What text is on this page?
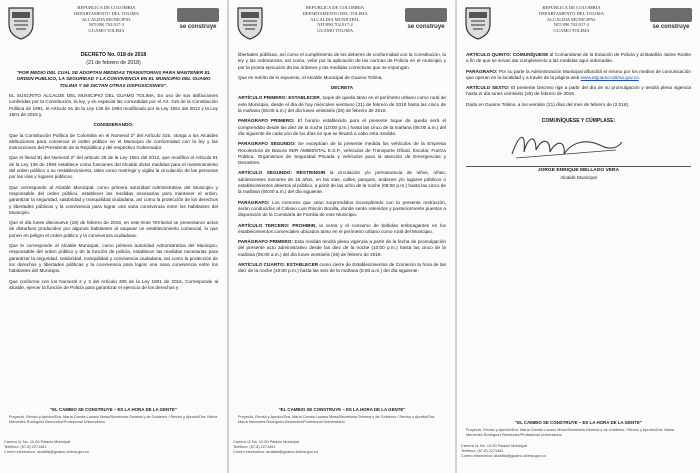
REPUBLICA DE COLOMBIA
DEPARTAMENTO DEL TOLIMA
ALCALDIA MUNICIPAL
NIT:890.702.017-2
GUAMO TOLIMA
se construye

DECRETO No. 018 de 2018

(21 de febrero de 2018)

"POR MEDIO DEL CUAL SE ADOPTAN MEDIDAS TRANSITORIAS PARA MANTENER EL ORDEN PUBLICO, LA SEGURIDAD Y LA CONVIVENCIA EN EL MUNICIPIO DEL GUAMO TOLIMA Y SE DICTAN OTRAS DISPOSICIONES".

EL SUSCRITO ALCALDE DEL MUNICIPIO DEL GUAMO TOLIMA, En uso de sus atribuciones conferidas por la Constitución, la ley, y en especial las concedidas por el Art. 315 de la Constitución Política de 1991, el Artículo 91 de la Ley 136 de 1994 modificado por la Ley 1551 del 2012 y la Ley 1801 de 2016 y,

CONSIDERANDO:

Que la Constitución Política de Colombia en el Numeral 2º del Artículo 315, otorga a los Alcaldes atribuciones para conservar el orden público en el Municipio de conformidad con la ley y las instrucciones del Presidente de la República y del respectivo Gobernador.

Que el literal B) del Numeral 2º del artículo 29 de la Ley 1551 del 2012, que modifica el Artículo 91 de la Ley 136 de 1994 establece como funciones del Alcalde dictar medidas para el mantenimiento del orden público o su restablecimiento, tales como restringir y vigilar la circulación de las personas por las vías y lugares públicos.

Que corresponde al Alcalde Municipal, como primera autoridad Administrativa del Municipio y responsable del orden público, establecer las medidas necesarias para mantener el orden, garantizar la seguridad, salubridad y tranquilidad ciudadana, así como la protección de los derechos y libertades públicas y la convivencia para lograr una sana convivencia entre los habitantes del Municipio.

Que el día lunes diecinueve (19) de febrero de 2018, en este Ente Territorial se presentaron actos de disturbios producidos por algunos habitantes al saquear un establecimiento comercial, lo que ponen en peligro el orden público y la convivencia ciudadana.

Que le corresponde al Alcalde Municipal, como primera autoridad Administrativa del Municipio, responsable del orden público y de la función de policía, establecer las medidas necesarias para garantizar la seguridad, salubridad, tranquilidad y convivencia ciudadana, así como la protección de los derechos y libertades públicas y la convivencia para lograr una sana convivencia entre los habitantes del Municipio.

Que conforme con los Numeral 2 y 3 del Artículo 205 de la Ley 1801 de 2016, Corresponde al alcalde, ejercer la función de Policía para garantizar el ejercicio de los derechos y

"EL CAMBIO SE CONSTRUYE – ES LA HORA DE LA GENTE"
Proyectó, Revisó y Aprobó/Dra. María Camila Lozano Mesa/Secretaria General y de Gobierno / Revisó y Aprobó/Dra. María Mercedes Rodríguez Bermúdez/Profesional Universitario
Carrera 11 No. 10-50 Palacio Municipal
Teléfono: (57-8) 2271461
Correo electrónico: alcaldia@guamo-tolima.gov.co
REPUBLICA DE COLOMBIA
DEPARTAMENTO DEL TOLIMA
ALCALDIA MUNICIPAL
NIT:890.702.017-2
GUAMO TOLIMA
se construye

libertades públicas, así como el cumplimiento de los deberes de conformidad con la Constitución, la ley y las ordenanzas, así como, velar por la aplicación de las normas de Policía en el municipio y por la pronta ejecución de las órdenes y las medidas correctivas que se impongan.

Que en mérito de lo expuesto, el Alcalde Municipal de Guamo Tolima,

DECRETA

ARTÍCULO PRIMERO: ESTABLECER, toque de queda tanto en el perímetro urbano como rural de este Municipio, desde el día de hoy miércoles veintiuno (21) de febrero de 2018 hasta las cinco de la mañana (05:00 a.m.) del día lunes veintiséis (26) de febrero de 2018.

PARÁGRAFO PRIMERO: El horario establecido para el presente toque de queda será el comprendido desde las diez de la noche (10:00 p.m.) hasta las cinco de la mañana (05:00 a.m.) del día siguiente de cada uno de los días en que se llevará a cabo esta medida.

PARÁGRAFO SEGUNDO: Se exceptúan de la presente medida los vehículos de la Empresa Recolectora de Basura SER AMBIENTAL E.S.P., vehículos de Transporte Oficial, Escolar, Fuerza Pública, Organismos de Seguridad Privada y vehículos para la atención de Emergencias y Desastres.

ARTÍCULO SEGUNDO: RESTRINGIR la circulación y/o permanencia de niños, niñas, adolescentes menores de 18 años, en las vías, calles, parques, andenes y/o lugares públicos o establecimientos abiertos al público, a partir de las ocho de la noche (08:00 p.m.) hasta las cinco de la mañana (05:00 a.m.) del día siguiente.

PARÁGRAFO: Los menores que sean sorprendidos incumpliendo con la presente restricción, serán conducidos al Coliseo Luis Rincón Bonilla, donde serán retenidos y posteriormente puestos a disposición de la Comisaría de Familia de este Municipio.

ARTÍCULO TERCERO: PROHIBIR, la venta y el consumo de bebidas embriagantes en los establecimientos comerciales ubicados tanto en el perímetro urbano como rural del Municipio.

PARÁGRAFO PRIMERO: Esta medida tendrá plena vigencia a partir de la fecha de promulgación del presente acto administrativo desde las diez de la noche (10:00 p.m.) hasta las cinco de la mañana (05:00 a.m.) del día lunes veintiséis (26) de febrero de 2018.

ARTÍCULO CUARTO: ESTABLECER como cierre de Establecimientos de Comercio la hora de las diez de la noche (10:00 p.m.) hasta las seis de la mañana (6:00 a.m.) del día siguiente.

"EL CAMBIO SE CONSTRUYE – ES LA HORA DE LA GENTE"
Proyectó, Revisó y Aprobó/Dra. María Camila Lozano Mesa/Secretaria General y de Gobierno / Revisó y Aprobó/Dra. María Mercedes Rodríguez Bermúdez/Profesional Universitario
Carrera 11 No. 10-50 Palacio Municipal
Teléfono: (57-8) 2271461
Correo electrónico: alcaldia@guamo-tolima.gov.co
REPUBLICA DE COLOMBIA
DEPARTAMENTO DEL TOLIMA
ALCALDIA MUNICIPAL
NIT:890.702.017-2
GUAMO TOLIMA
se construye

ARTÍCULO QUINTO: COMUNÍQUESE al Comandante de la Estación de Policía y al Batallón Jaime Rooke a fin de que se sirvan dar cumplimiento a las medidas aquí ordenadas.

PARÁGRAFO: Por su parte la Administración Municipal difundirá el mismo por los medios de comunicación que operan en la localidad y a través de la página web www.elguamo-tolima.gov.co.

ARTÍCULO SEXTO: El presente Decreto rige a partir del día de su promulgación y tendrá plena vigencia hasta el día lunes veintiséis (26) de febrero de 2018.

Dado en Guamo Tolima, a los veintiún (21) días del mes de febrero de (2.018).

COMUNÍQUESE Y CÚMPLASE:
JORGE ENRIQUE MELLADO VERA
Alcalde Municipal
"EL CAMBIO SE CONSTRUYE – ES LA HORA DE LA GENTE"
Proyectó, Revisó y Aprobó/Dra. María Camila Lozano Mesa/Secretaria General y de Gobierno / Revisó y Aprobó/Dra. María Mercedes Rodríguez Bermúdez/Profesional Universitario
Carrera 11 No. 10-50 Palacio Municipal
Teléfono: (57-8) 2271461
Correo electrónico: alcaldia@guamo-tolima.gov.co
